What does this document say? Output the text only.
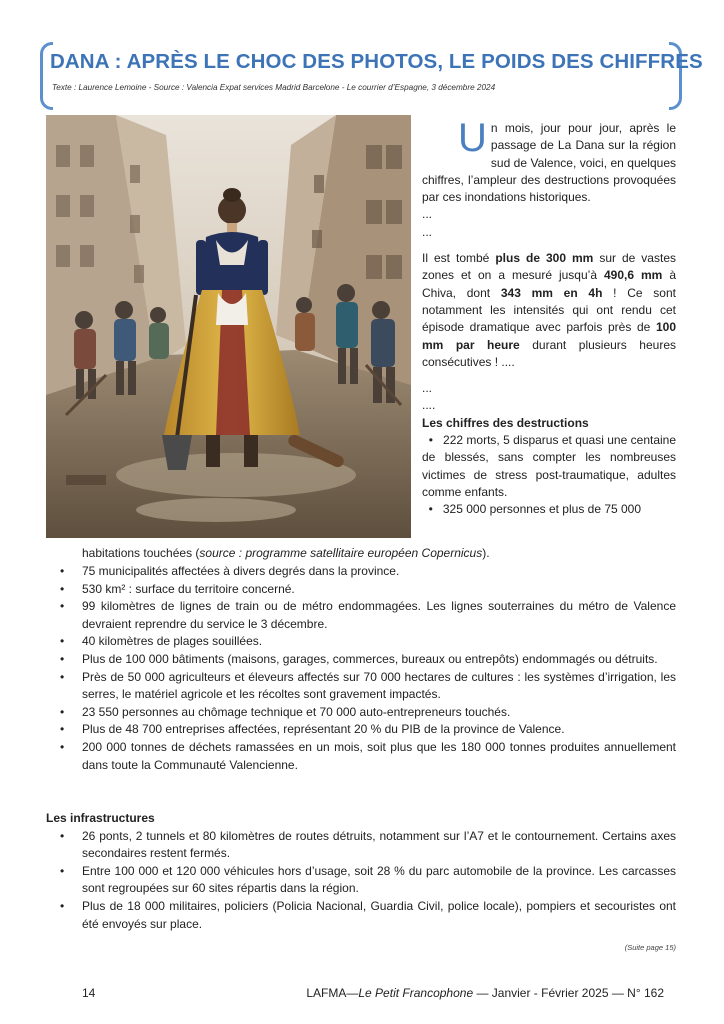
DANA : APRÈS LE CHOC DES PHOTOS, LE POIDS DES CHIFFRES
Texte : Laurence Lemoine - Source : Valencia Expat services Madrid Barcelone - Le courrier d’Espagne, 3 décembre 2024

Un mois, jour pour jour, après le passage de La Dana sur la région sud de Valence, voici, en quelques chiffres, l’ampleur des destructions provoquées par ces inondations historiques.

...

...

Il est tombé plus de 300 mm sur de vastes zones et on a mesuré jusqu’à 490,6 mm à Chiva, dont 343 mm en 4h ! Ce sont notamment les intensités qui ont rendu cet épisode dramatique avec parfois près de 100 mm par heure durant plusieurs heures consécutives ! ....

...

....

Les chiffres des destructions

•   222 morts, 5 disparus et quasi une centaine de blessés, sans compter les nombreuses victimes de stress post-traumatique, adultes comme enfants.

•   325 000 personnes et plus de 75 000

habitations touchées (source : programme satellitaire européen Copernicus).
• 75 municipalités affectées à divers degrés dans la province.
• 530 km² : surface du territoire concerné.
• 99 kilomètres de lignes de train ou de métro endommagées. Les lignes souterraines du métro de Valence devraient reprendre du service le 3 décembre.
• 40 kilomètres de plages souillées.
• Plus de 100 000 bâtiments (maisons, garages, commerces, bureaux ou entrepôts) endommagés ou détruits.
• Près de 50 000 agriculteurs et éleveurs affectés sur 70 000 hectares de cultures : les systèmes d’irrigation, les serres, le matériel agricole et les récoltes sont gravement impactés.
• 23 550 personnes au chômage technique et 70 000 auto-entrepreneurs touchés.
• Plus de 48 700 entreprises affectées, représentant 20 % du PIB de la province de Valence.
• 200 000 tonnes de déchets ramassées en un mois, soit plus que les 180 000 tonnes produites annuellement dans toute la Communauté Valencienne.
Les infrastructures
• 26 ponts, 2 tunnels et 80 kilomètres de routes détruits, notamment sur l’A7 et le contournement. Certains axes secondaires restent fermés.
• Entre 100 000 et 120 000 véhicules hors d’usage, soit 28 % du parc automobile de la province. Les carcasses sont regroupées sur 60 sites répartis dans la région.
• Plus de 18 000 militaires, policiers (Policia Nacional, Guardia Civil, police locale), pompiers et secouristes ont été envoyés sur place.
(Suite page 15)
14	LAFMA—Le Petit Francophone — Janvier - Février 2025 — N° 162
